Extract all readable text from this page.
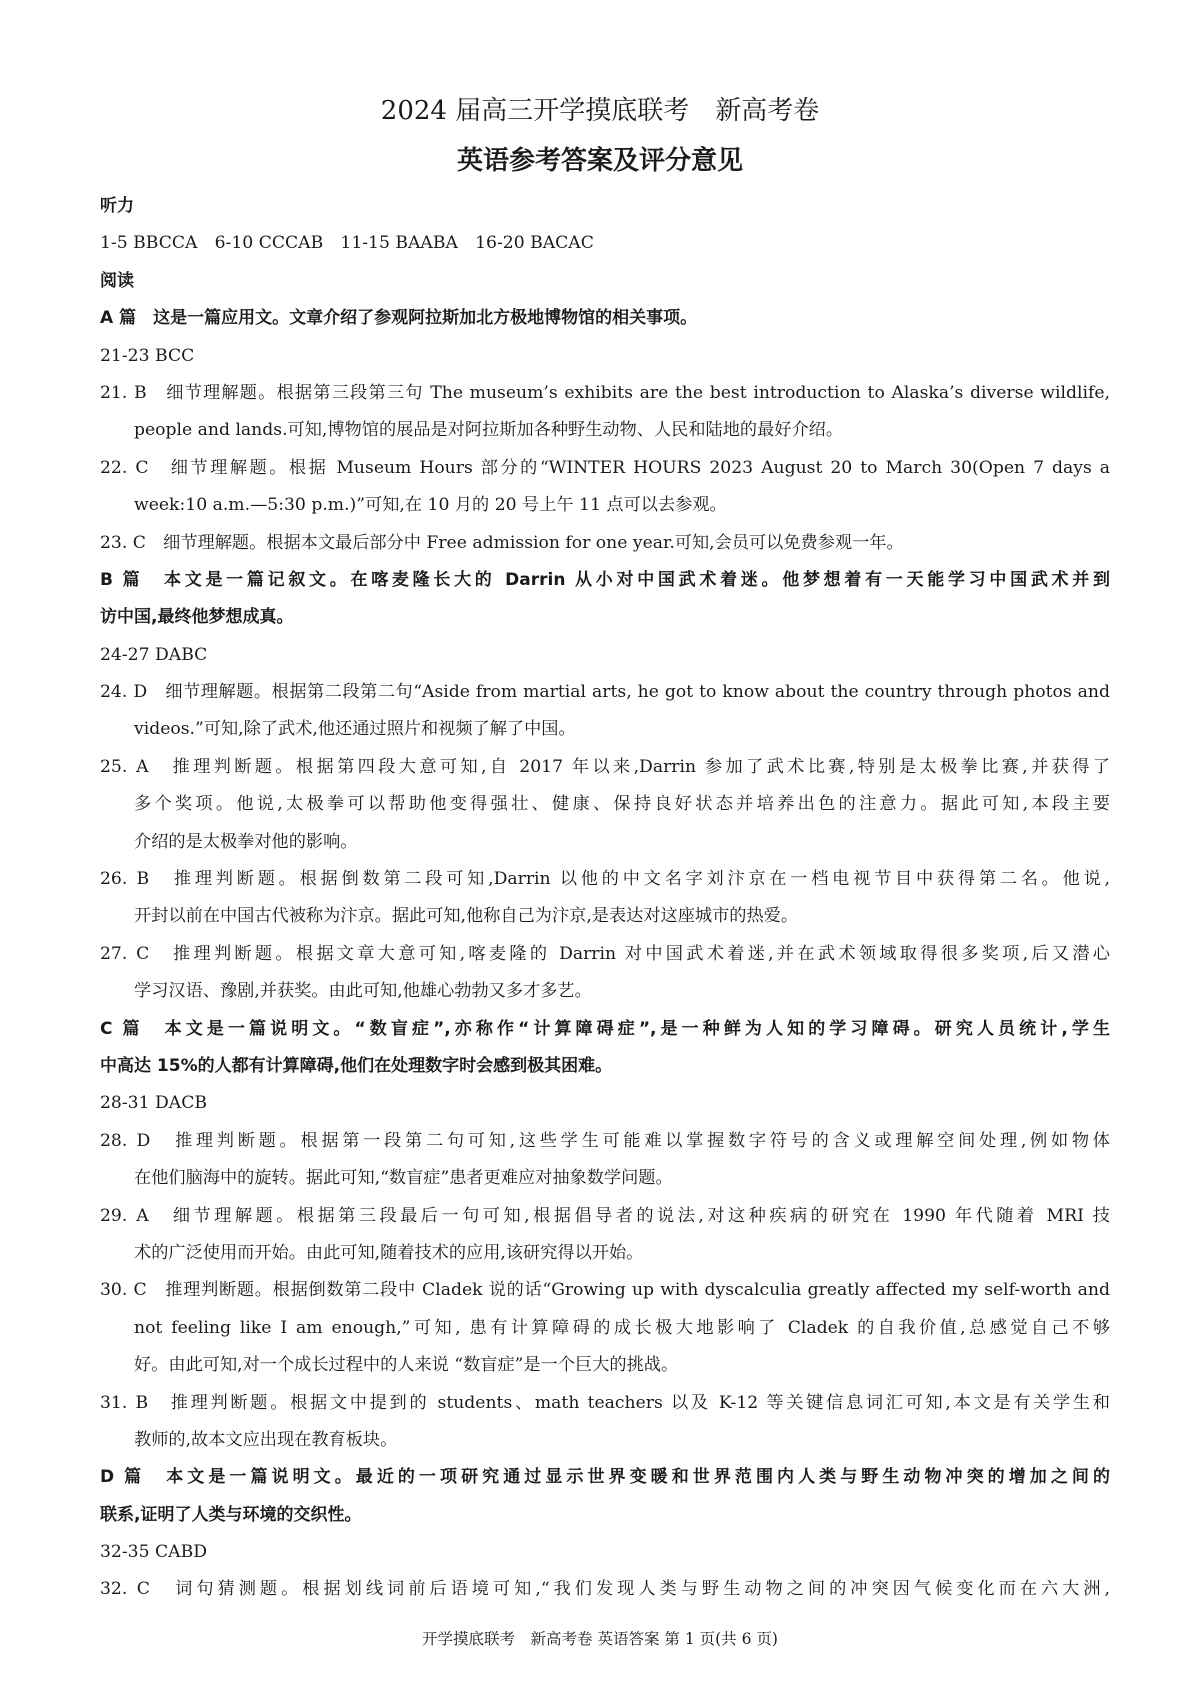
2024 届高三开学摸底联考　新高考卷
英语参考答案及评分意见
听力
1-5 BBCCA　6-10 CCCAB　11-15 BAABA　16-20 BACAC
阅读
A 篇　这是一篇应用文。文章介绍了参观阿拉斯加北方极地博物馆的相关事项。
21-23 BCC
21. B　细节理解题。根据第三段第三句 The museum’s exhibits are the best introduction to Alaska’s diverse wildlife,
people and lands.可知,博物馆的展品是对阿拉斯加各种野生动物、人民和陆地的最好介绍。
22. C　细节理解题。根据 Museum Hours 部分的“WINTER HOURS 2023 August 20 to March 30(Open 7 days a
week:10 a.m.—5:30 p.m.)”可知,在 10 月的 20 号上午 11 点可以去参观。
23. C　细节理解题。根据本文最后部分中 Free admission for one year.可知,会员可以免费参观一年。
B 篇　本文是一篇记叙文。在喀麦隆长大的 Darrin 从小对中国武术着迷。他梦想着有一天能学习中国武术并到
访中国,最终他梦想成真。
24-27 DABC
24. D　细节理解题。根据第二段第二句“Aside from martial arts, he got to know about the country through photos and
videos.”可知,除了武术,他还通过照片和视频了解了中国。
25. A　推理判断题。根据第四段大意可知,自 2017 年以来,Darrin 参加了武术比赛,特别是太极拳比赛,并获得了
多个奖项。他说,太极拳可以帮助他变得强壮、健康、保持良好状态并培养出色的注意力。据此可知,本段主要
介绍的是太极拳对他的影响。
26. B　推理判断题。根据倒数第二段可知,Darrin 以他的中文名字刘汴京在一档电视节目中获得第二名。他说,
开封以前在中国古代被称为汴京。据此可知,他称自己为汴京,是表达对这座城市的热爱。
27. C　推理判断题。根据文章大意可知,喀麦隆的 Darrin 对中国武术着迷,并在武术领域取得很多奖项,后又潜心
学习汉语、豫剧,并获奖。由此可知,他雄心勃勃又多才多艺。
C 篇　本文是一篇说明文。“数盲症”,亦称作“计算障碍症”,是一种鲜为人知的学习障碍。研究人员统计,学生
中高达 15%的人都有计算障碍,他们在处理数字时会感到极其困难。
28-31 DACB
28. D　推理判断题。根据第一段第二句可知,这些学生可能难以掌握数字符号的含义或理解空间处理,例如物体
在他们脑海中的旋转。据此可知,“数盲症”患者更难应对抽象数学问题。
29. A　细节理解题。根据第三段最后一句可知,根据倡导者的说法,对这种疾病的研究在 1990 年代随着 MRI 技
术的广泛使用而开始。由此可知,随着技术的应用,该研究得以开始。
30. C　推理判断题。根据倒数第二段中 Cladek 说的话“Growing up with dyscalculia greatly affected my self-worth and
not feeling like I am enough,”可知, 患有计算障碍的成长极大地影响了 Cladek 的自我价值,总感觉自己不够
好。由此可知,对一个成长过程中的人来说 “数盲症”是一个巨大的挑战。
31. B　推理判断题。根据文中提到的 students、math teachers 以及 K-12 等关键信息词汇可知,本文是有关学生和
教师的,故本文应出现在教育板块。
D 篇　本文是一篇说明文。最近的一项研究通过显示世界变暖和世界范围内人类与野生动物冲突的增加之间的
联系,证明了人类与环境的交织性。
32-35 CABD
32. C　词句猜测题。根据划线词前后语境可知,“我们发现人类与野生动物之间的冲突因气候变化而在六大洲,
开学摸底联考　新高考卷 英语答案 第 1 页(共 6 页)
